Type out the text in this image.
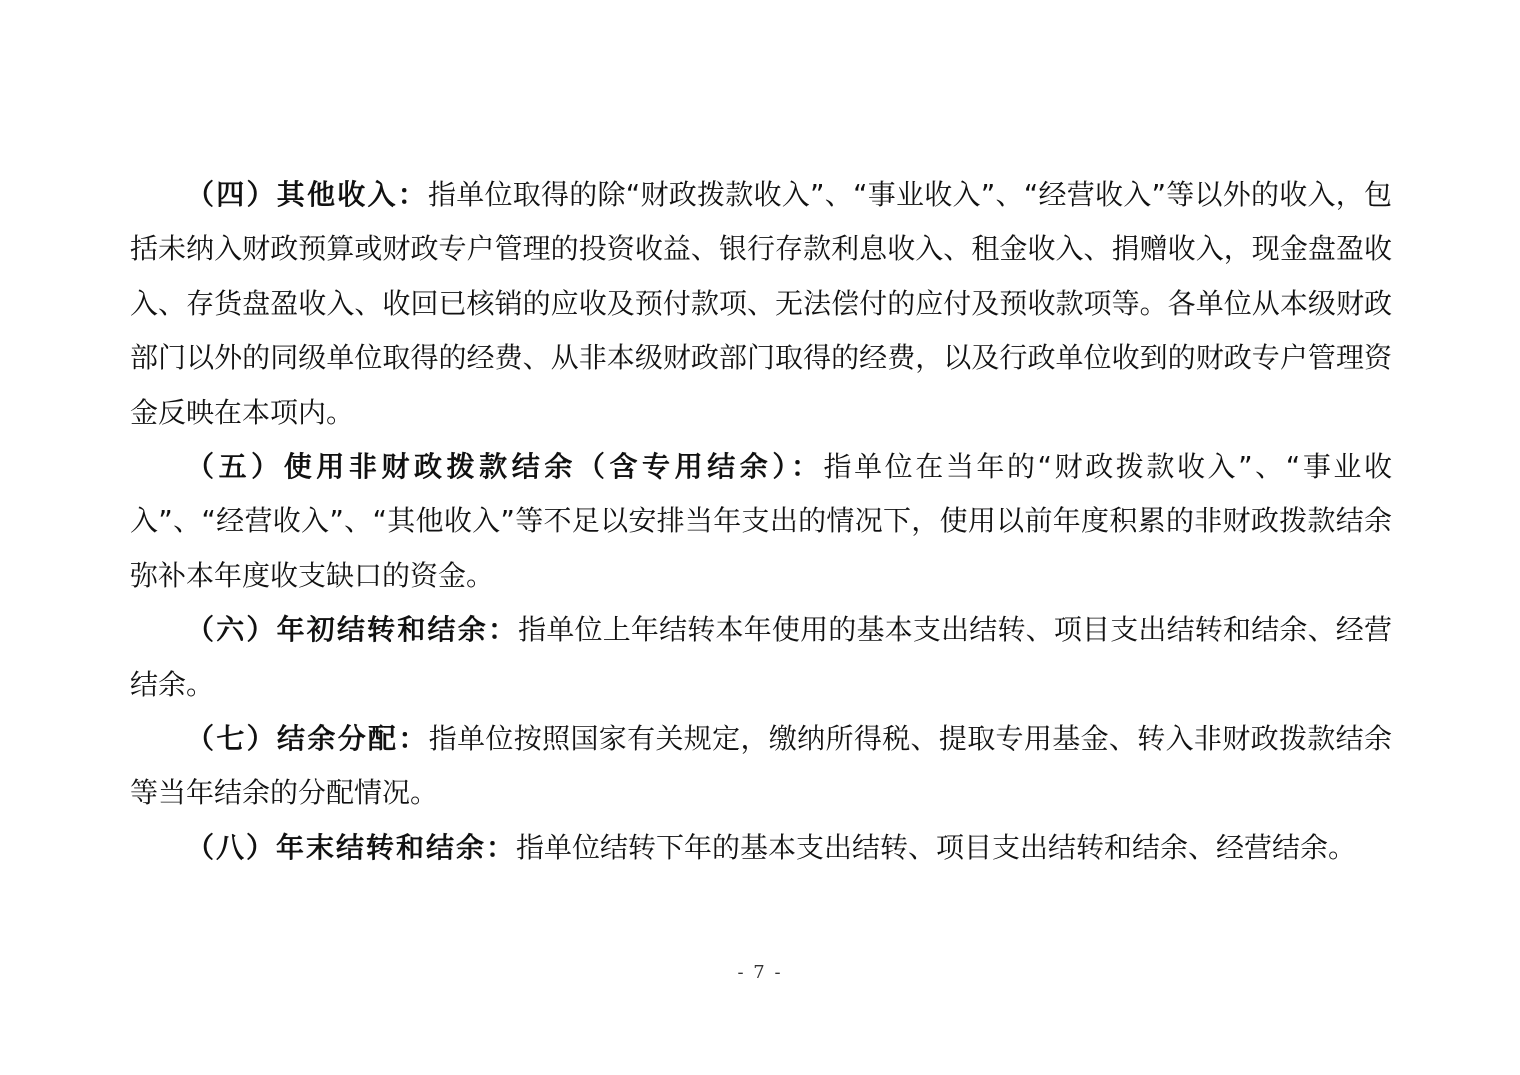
（四）其他收入：指单位取得的除“财政拨款收入”、“事业收入”、“经营收入”等以外的收入，包括未纳入财政预算或财政专户管理的投资收益、银行存款利息收入、租金收入、捐赠收入，现金盘盈收入、存货盘盈收入、收回已核销的应收及预付款项、无法偿付的应付及预收款项等。各单位从本级财政部门以外的同级单位取得的经费、从非本级财政部门取得的经费，以及行政单位收到的财政专户管理资金反映在本项内。

（五）使用非财政拨款结余（含专用结余）：指单位在当年的“财政拨款收入”、“事业收入”、“经营收入”、“其他收入”等不足以安排当年支出的情况下，使用以前年度积累的非财政拨款结余弥补本年度收支缺口的资金。

（六）年初结转和结余：指单位上年结转本年使用的基本支出结转、项目支出结转和结余、经营结余。

（七）结余分配：指单位按照国家有关规定，缴纳所得税、提取专用基金、转入非财政拨款结余等当年结余的分配情况。

（八）年末结转和结余：指单位结转下年的基本支出结转、项目支出结转和结余、经营结余。

- 7 -
